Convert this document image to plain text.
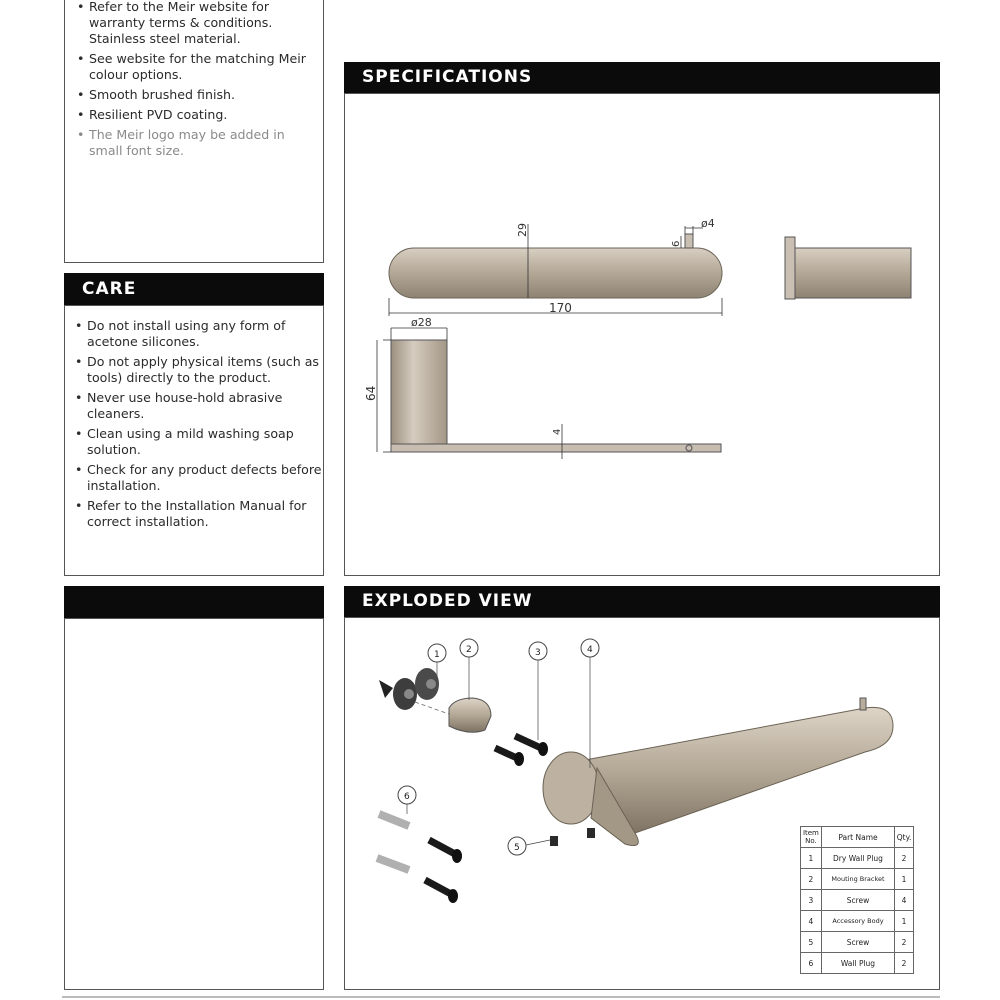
• Refer to the Meir website for warranty terms & conditions.
Stainless steel material.
• See website for the matching Meir colour options.
• Smooth brushed finish.
• Resilient PVD coating.
• The Meir logo may be added in small font size.
CARE
• Do not install using any form of acetone silicones.
• Do not apply physical items (such as tools) directly to the product.
• Never use house-hold abrasive cleaners.
• Clean using a mild washing soap solution.
• Check for any product defects before installation.
• Refer to the Installation Manual for correct installation.
SPECIFICATIONS
29
6
ø4
170
64
ø28
4
EXPLODED VIEW
1	2	3	4
5
6
Item No.	Part Name	Qty.
1	Dry Wall Plug	2
2	Mouting Bracket	1
3	Screw	4
4	Accessory Body	1
5	Screw	2
6	Wall Plug	2
